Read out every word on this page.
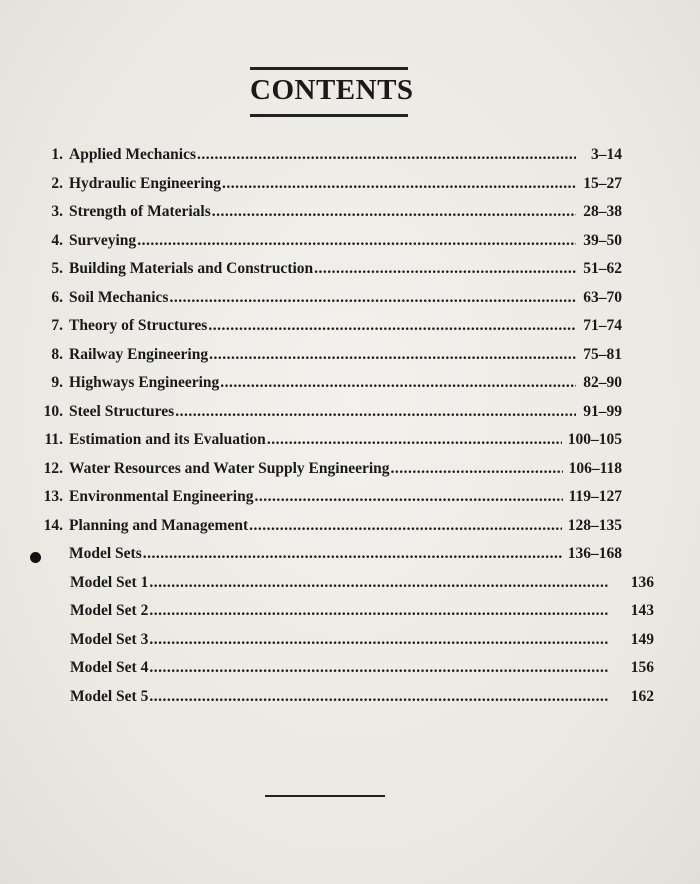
CONTENTS
1. Applied Mechanics .....	3–14
2. Hydraulic Engineering .....	15–27
3. Strength of Materials .....	28–38
4. Surveying .....	39–50
5. Building Materials and Construction .....	51–62
6. Soil Mechanics .....	63–70
7. Theory of Structures .....	71–74
8. Railway Engineering .....	75–81
9. Highways Engineering .....	82–90
10. Steel Structures .....	91–99
11. Estimation and its Evaluation .....	100–105
12. Water Resources and Water Supply Engineering .....	106–118
13. Environmental Engineering .....	119–127
14. Planning and Management .....	128–135
Model Sets .....	136–168
Model Set 1 .....	136
Model Set 2 .....	143
Model Set 3 .....	149
Model Set 4 .....	156
Model Set 5 .....	162
